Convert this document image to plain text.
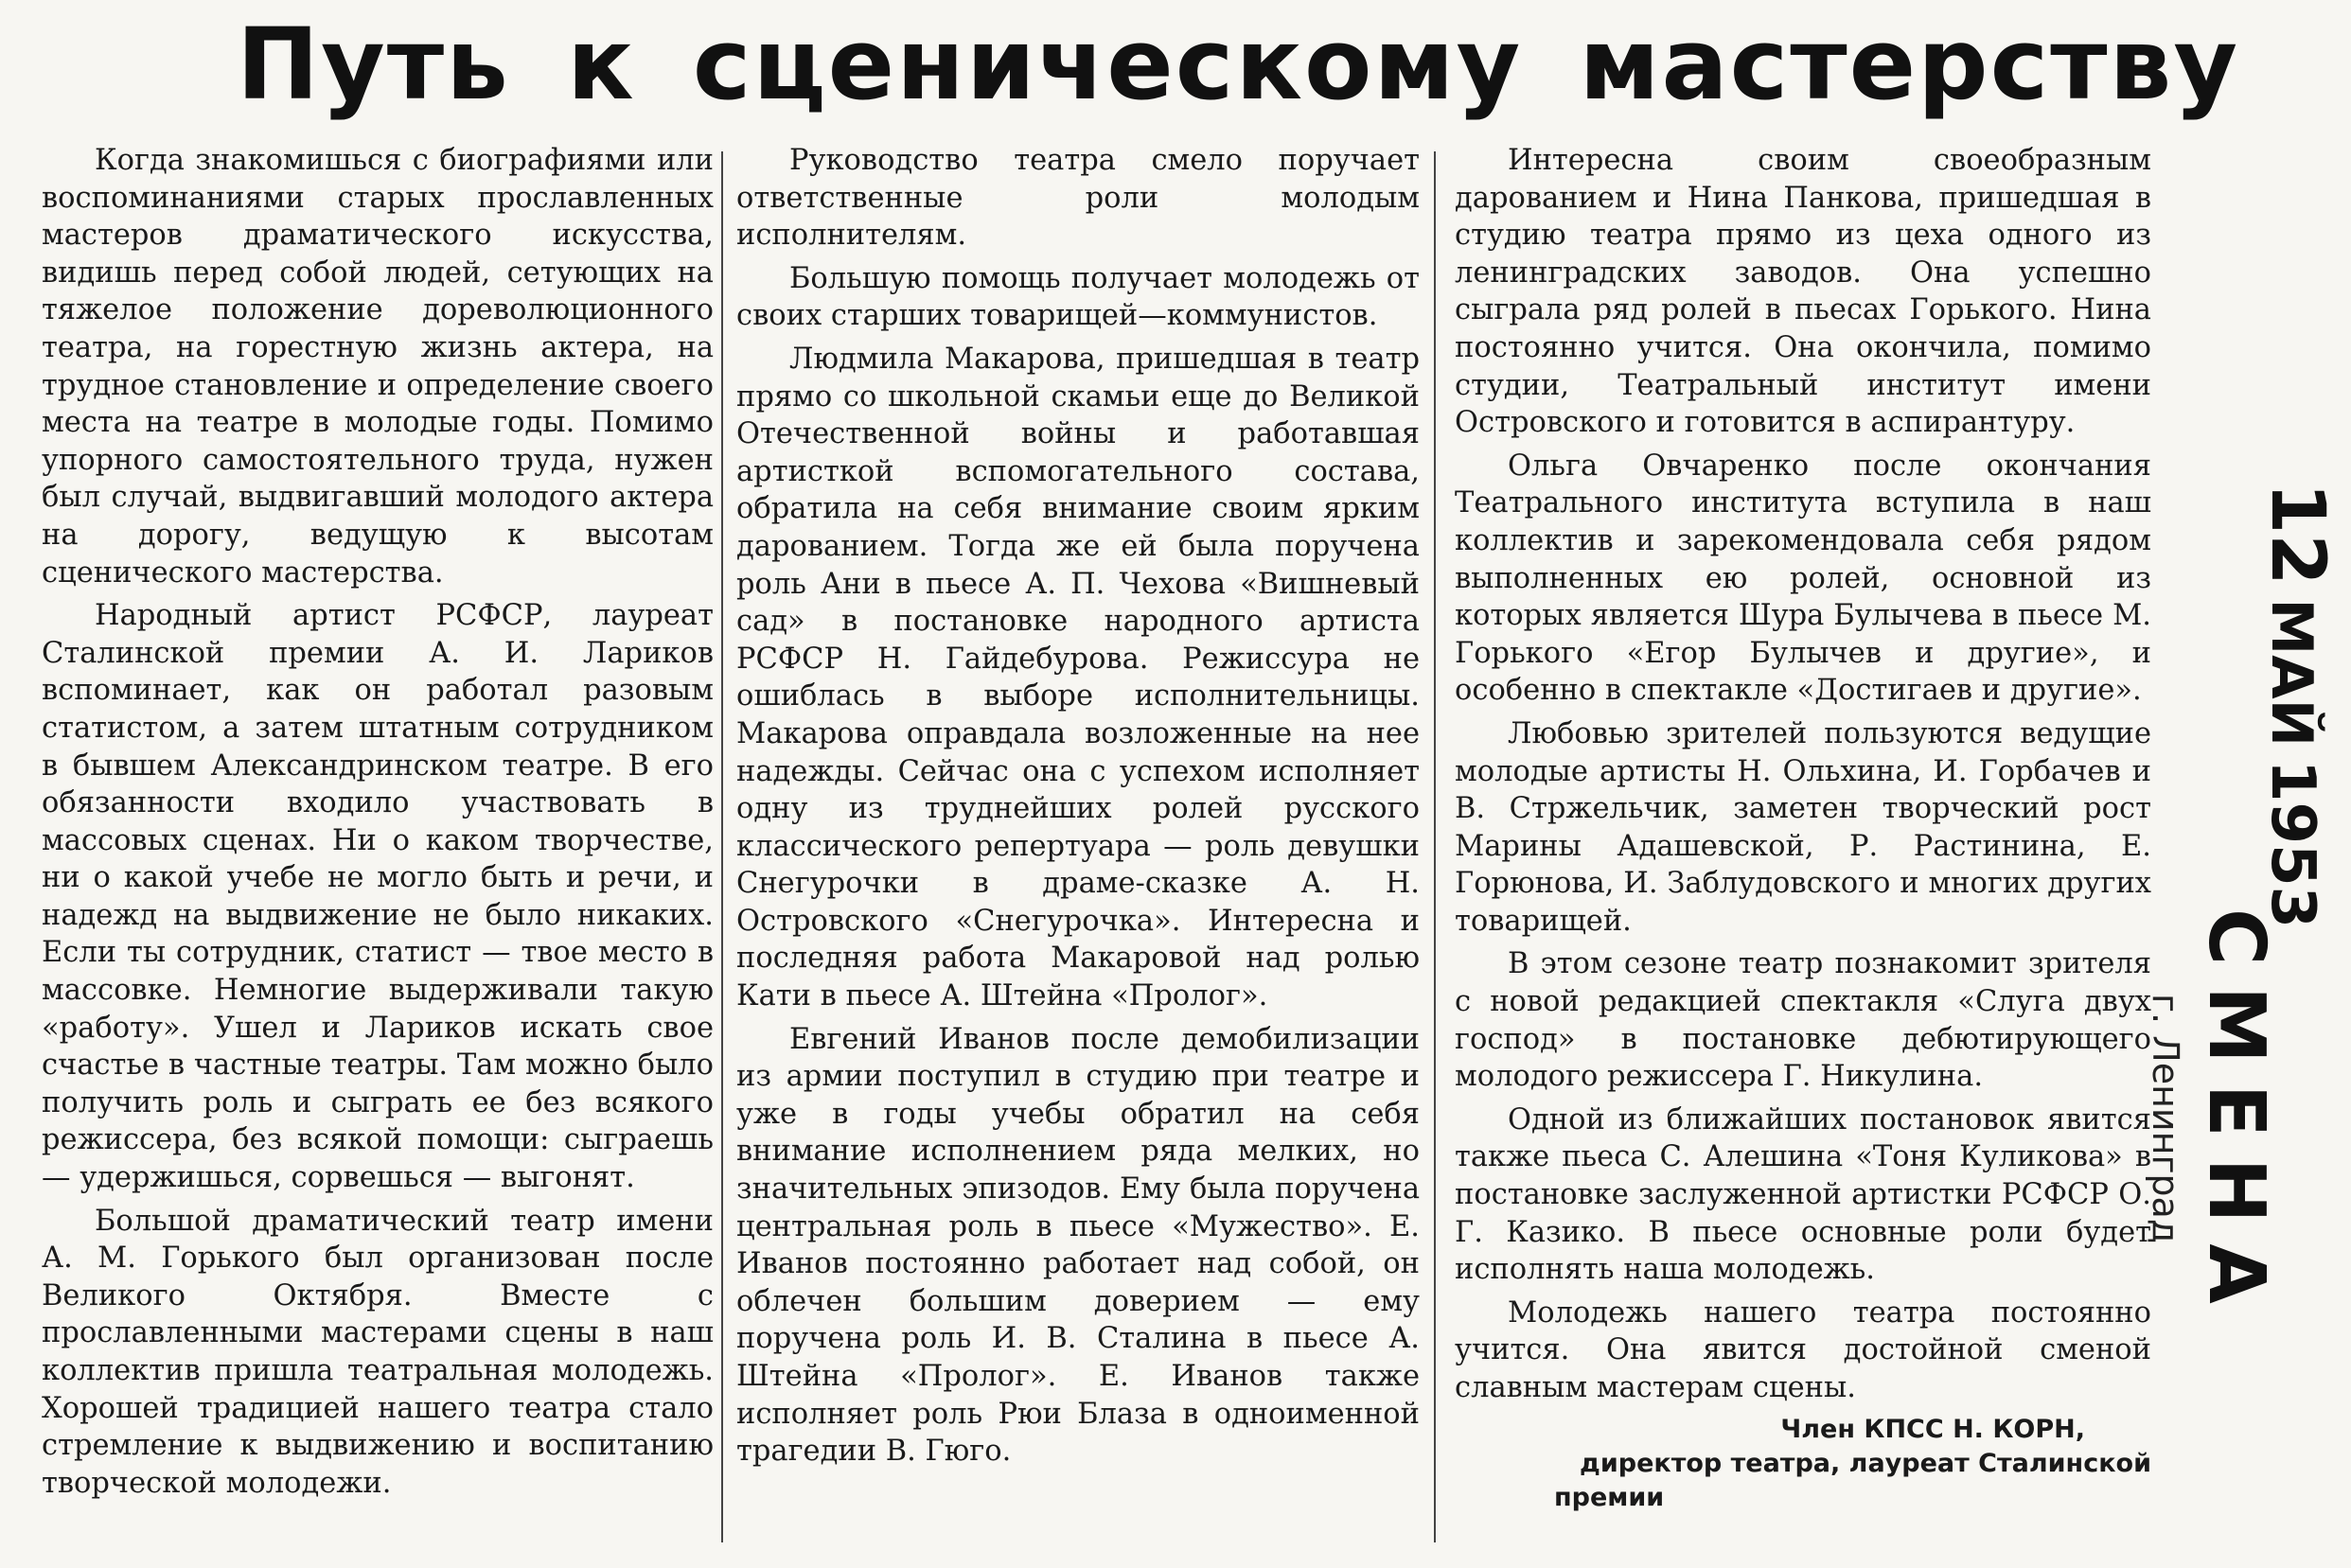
Путь к сценическому мастерству

Когда знакомишься с биографиями или воспоминаниями старых прославленных мастеров драматического искусства, видишь перед собой людей, сетующих на тяжелое положение дореволюционного театра, на горестную жизнь актера, на трудное становление и определение своего места на театре в молодые годы. Помимо упорного самостоятельного труда, нужен был случай, выдвигавший молодого актера на дорогу, ведущую к высотам сценического мастерства.

Народный артист РСФСР, лауреат Сталинской премии А. И. Лариков вспоминает, как он работал разовым статистом, а затем штатным сотрудником в бывшем Александринском театре. В его обязанности входило участвовать в массовых сценах. Ни о каком творчестве, ни о какой учебе не могло быть и речи, и надежд на выдвижение не было никаких. Если ты сотрудник, статист — твое место в массовке. Немногие выдерживали такую «работу». Ушел и Лариков искать свое счастье в частные театры. Там можно было получить роль и сыграть ее без всякого режиссера, без всякой помощи: сыграешь — удержишься, сорвешься — выгонят.

Большой драматический театр имени А. М. Горького был организован после Великого Октября. Вместе с прославленными мастерами сцены в наш коллектив пришла театральная молодежь. Хорошей традицией нашего театра стало стремление к выдвижению и воспитанию творческой молодежи.

Руководство театра смело поручает ответственные роли молодым исполнителям.

Большую помощь получает молодежь от своих старших товарищей—коммунистов.

Людмила Макарова, пришедшая в театр прямо со школьной скамьи еще до Великой Отечественной войны и работавшая артисткой вспомогательного состава, обратила на себя внимание своим ярким дарованием. Тогда же ей была поручена роль Ани в пьесе А. П. Чехова «Вишневый сад» в постановке народного артиста РСФСР Н. Гайдебурова. Режиссура не ошиблась в выборе исполнительницы. Макарова оправдала возложенные на нее надежды. Сейчас она с успехом исполняет одну из труднейших ролей русского классического репертуара — роль девушки Снегурочки в драме-сказке А. Н. Островского «Снегурочка». Интересна и последняя работа Макаровой над ролью Кати в пьесе А. Штейна «Пролог».

Евгений Иванов после демобилизации из армии поступил в студию при театре и уже в годы учебы обратил на себя внимание исполнением ряда мелких, но значительных эпизодов. Ему была поручена центральная роль в пьесе «Мужество». Е. Иванов постоянно работает над собой, он облечен большим доверием — ему поручена роль И. В. Сталина в пьесе А. Штейна «Пролог». Е. Иванов также исполняет роль Рюи Блаза в одноименной трагедии В. Гюго.

Интересна своим своеобразным дарованием и Нина Панкова, пришедшая в студию театра прямо из цеха одного из ленинградских заводов. Она успешно сыграла ряд ролей в пьесах Горького. Нина постоянно учится. Она окончила, помимо студии, Театральный институт имени Островского и готовится в аспирантуру.

Ольга Овчаренко после окончания Театрального института вступила в наш коллектив и зарекомендовала себя рядом выполненных ею ролей, основной из которых является Шура Булычева в пьесе М. Горького «Егор Булычев и другие», и особенно в спектакле «Достигаев и другие».

Любовью зрителей пользуются ведущие молодые артисты Н. Ольхина, И. Горбачев и В. Стржельчик, заметен творческий рост Марины Адашевской, Р. Растинина, Е. Горюнова, И. Заблудовского и многих других товарищей.

В этом сезоне театр познакомит зрителя с новой редакцией спектакля «Слуга двух господ» в постановке дебютирующего молодого режиссера Г. Никулина.

Одной из ближайших постановок явится также пьеса С. Алешина «Тоня Куликова» в постановке заслуженной артистки РСФСР О. Г. Казико. В пьесе основные роли будет исполнять наша молодежь.

Молодежь нашего театра постоянно учится. Она явится достойной сменой славным мастерам сцены.

Член КПСС Н. КОРН,
директор театра, лауреат Сталинской
премии
12МАЙ1953
СМЕНА
г. Ленинград
